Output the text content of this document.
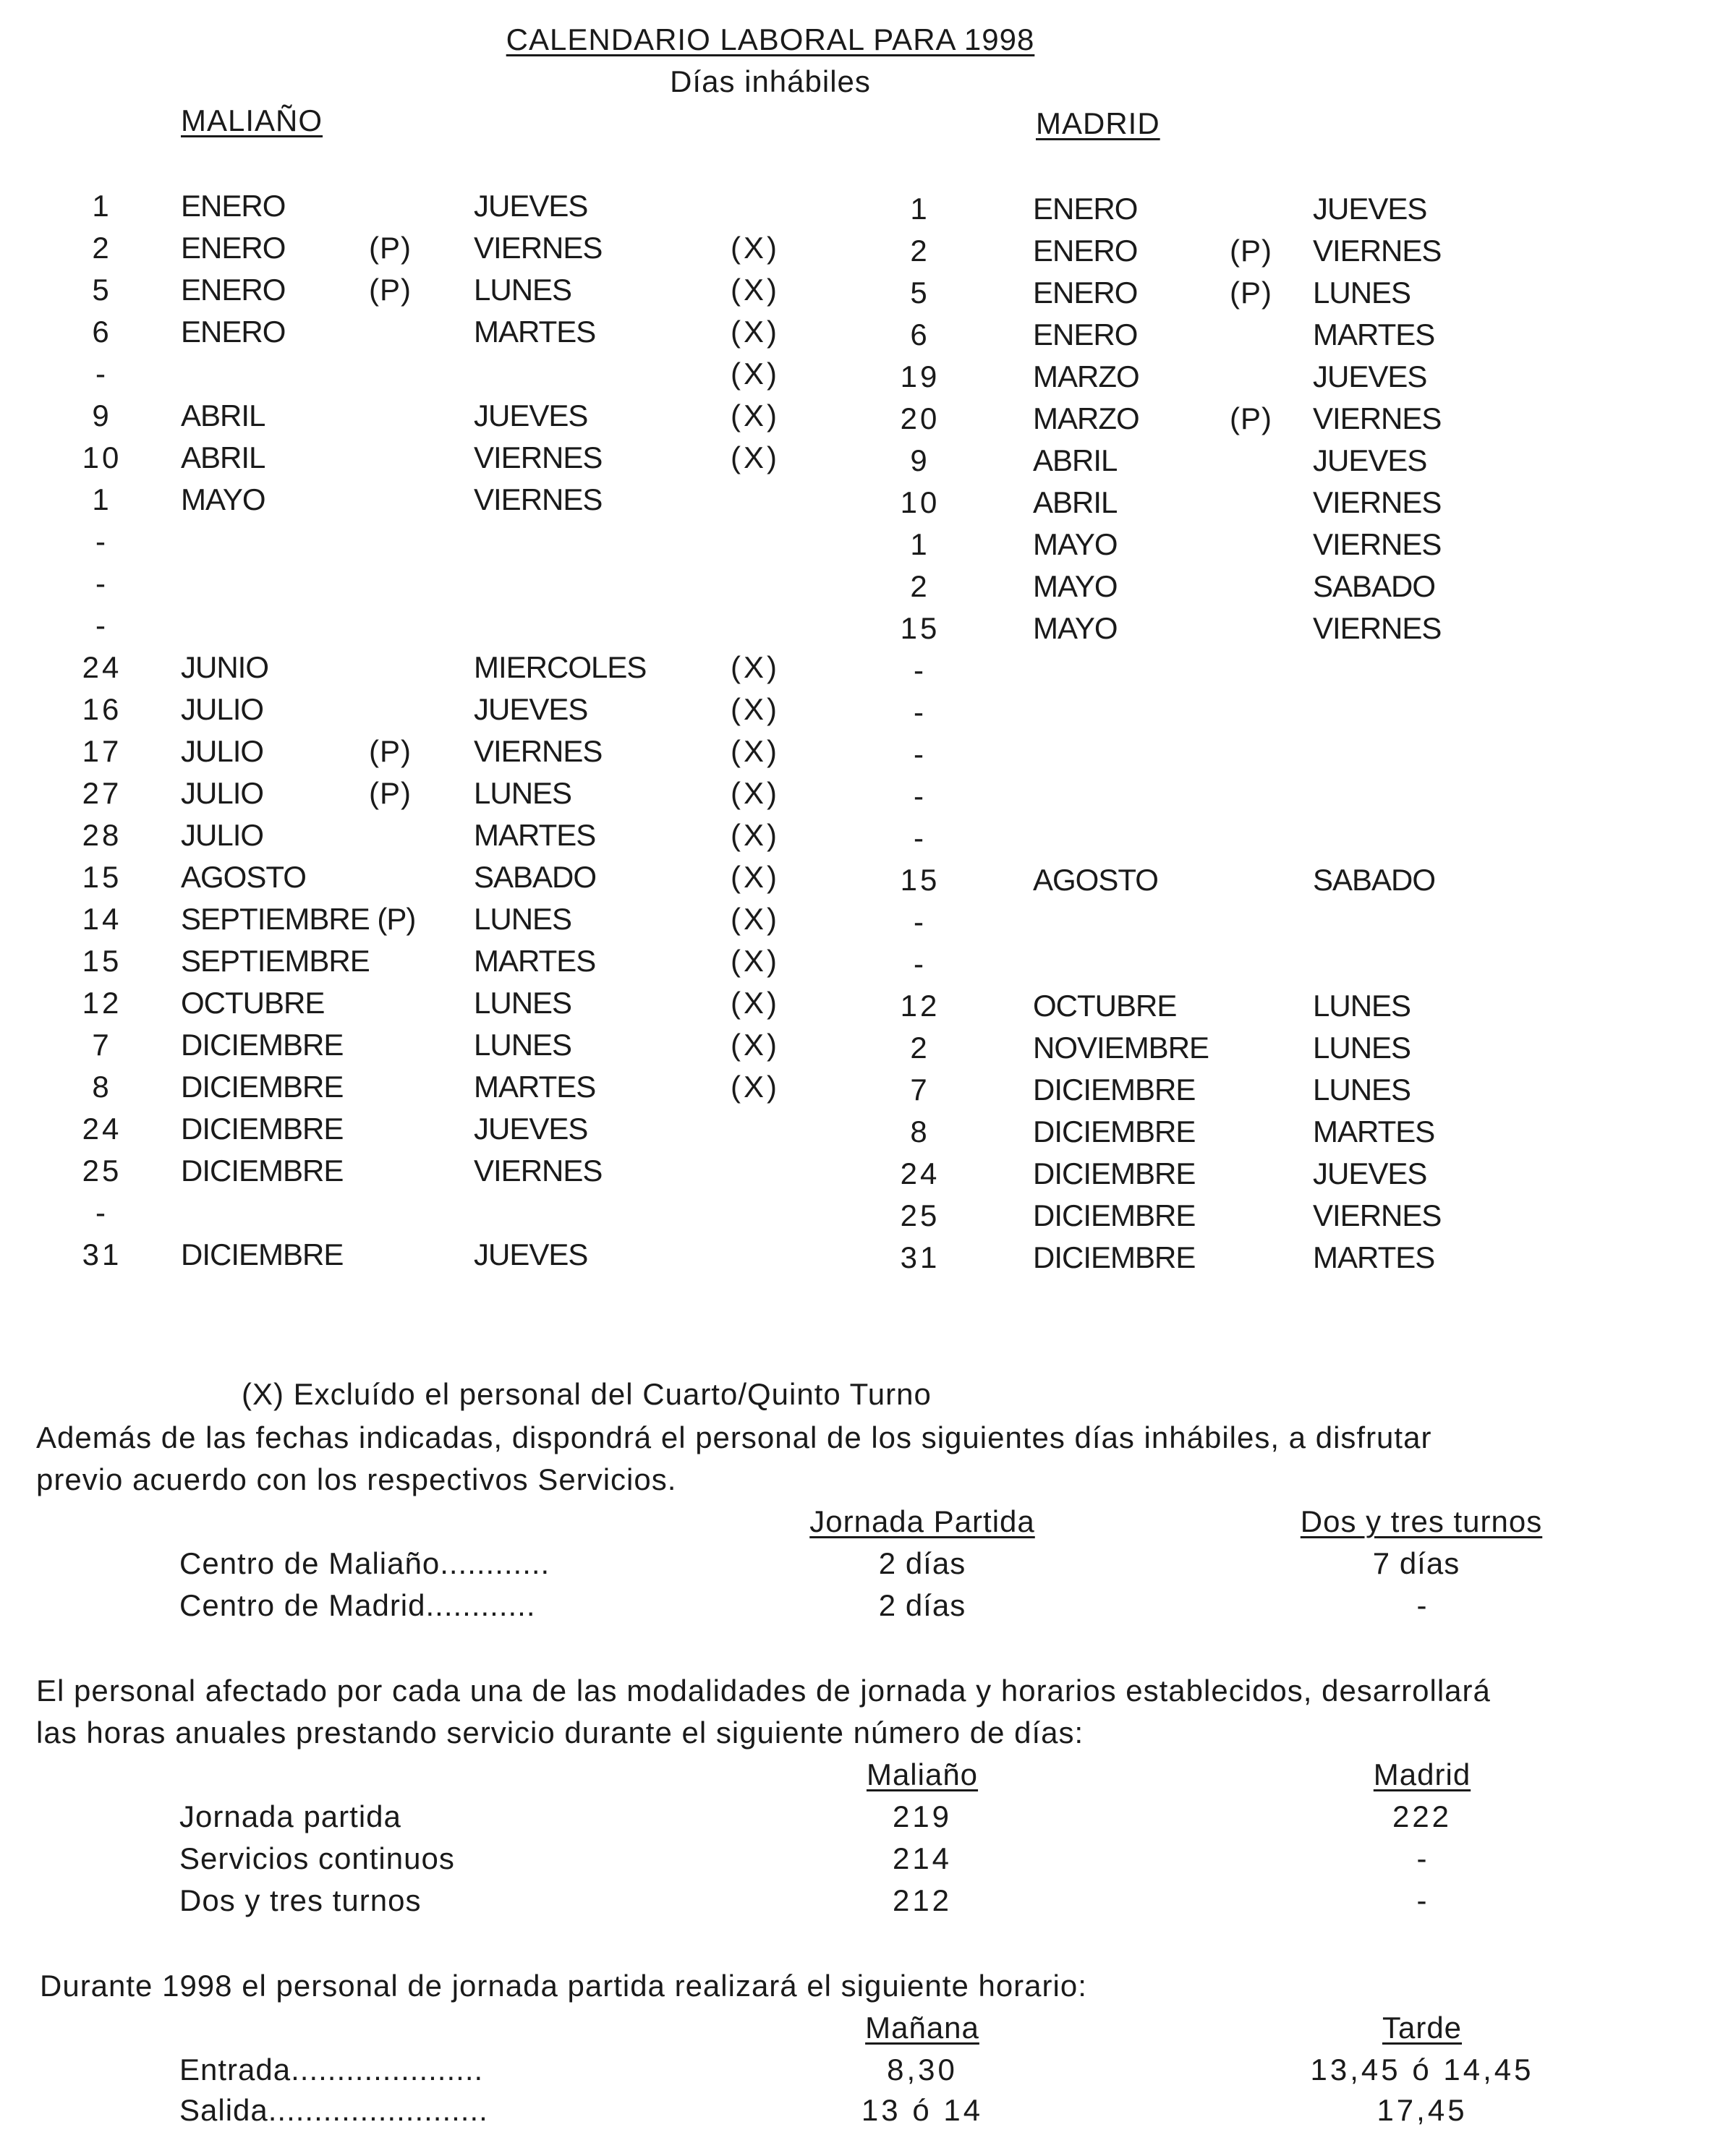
CALENDARIO LABORAL PARA 1998
Días inhábiles
MALIAÑO	MADRID
1 ENERO	JUEVES
2 ENERO	(P) VIERNES	(X)
5 ENERO	(P) LUNES	(X)
6 ENERO	MARTES	(X)
-	(X)
9 ABRIL	JUEVES	(X)
10 ABRIL	VIERNES	(X)
1 MAYO	VIERNES
-
-
-
24 JUNIO	MIERCOLES	(X)
16 JULIO	JUEVES	(X)
17 JULIO	(P) VIERNES	(X)
27 JULIO	(P) LUNES	(X)
28 JULIO	MARTES	(X)
15 AGOSTO	SABADO	(X)
14 SEPTIEMBRE (P) LUNES	(X)
15 SEPTIEMBRE	MARTES	(X)
12 OCTUBRE	LUNES	(X)
7 DICIEMBRE	LUNES	(X)
8 DICIEMBRE	MARTES	(X)
24 DICIEMBRE	JUEVES
25 DICIEMBRE	VIERNES
-
31 DICIEMBRE	JUEVES
1	ENERO	JUEVES
2	ENERO	(P) VIERNES
5	ENERO	(P) LUNES
6	ENERO	MARTES
19	MARZO	JUEVES
20	MARZO	(P) VIERNES
9	ABRIL	JUEVES
10	ABRIL	VIERNES
1	MAYO	VIERNES
2	MAYO	SABADO
15	MAYO	VIERNES
-
-
-
-
-
15	AGOSTO	SABADO
-
-
12	OCTUBRE	LUNES
2	NOVIEMBRE	LUNES
7	DICIEMBRE	LUNES
8	DICIEMBRE	MARTES
24	DICIEMBRE	JUEVES
25	DICIEMBRE	VIERNES
31	DICIEMBRE	MARTES
(X) Excluído el personal del Cuarto/Quinto Turno
Además de las fechas indicadas, dispondrá el personal de los siguientes días inhábiles, a disfrutar
previo acuerdo con los respectivos Servicios.
Jornada Partida	Dos y tres turnos
Centro de Maliaño............	2 días	7 días
Centro de Madrid............	2 días	-
El personal afectado por cada una de las modalidades de jornada y horarios establecidos, desarrollará
las horas anuales prestando servicio durante el siguiente número de días:
Maliaño	Madrid
Jornada partida	219	222
Servicios continuos	214	-
Dos y tres turnos	212	-
Durante 1998 el personal de jornada partida realizará el siguiente horario:
Mañana	Tarde
Entrada.....................	8,30	13,45 ó 14,45
Salida........................	13 ó 14	17,45
